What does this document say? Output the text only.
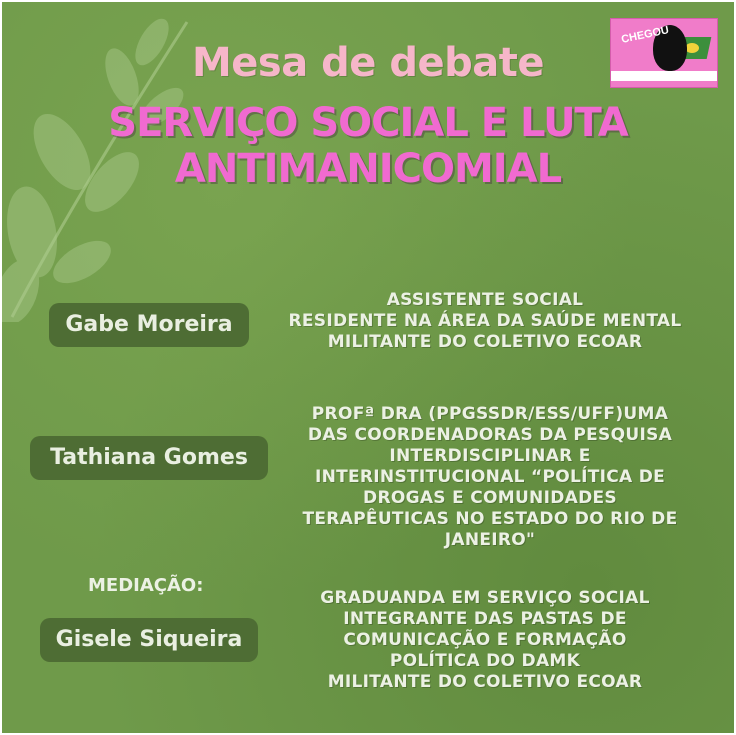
CHEGOU
A NOSSA VEZ
Mesa de debate
SERVIÇO SOCIAL E LUTA
ANTIMANICOMIAL
Gabe Moreira
ASSISTENTE SOCIAL
RESIDENTE NA ÁREA DA SAÚDE MENTAL
MILITANTE DO COLETIVO ECOAR
Tathiana Gomes
PROFª DRA (PPGSSDR/ESS/UFF)UMA
DAS COORDENADORAS DA PESQUISA
INTERDISCIPLINAR E
INTERINSTITUCIONAL “POLÍTICA DE
DROGAS E COMUNIDADES
TERAPÊUTICAS NO ESTADO DO RIO DE
JANEIRO"
MEDIAÇÃO:
Gisele Siqueira
GRADUANDA EM SERVIÇO SOCIAL
INTEGRANTE DAS PASTAS DE
COMUNICAÇÃO E FORMAÇÃO
POLÍTICA DO DAMK
MILITANTE DO COLETIVO ECOAR
